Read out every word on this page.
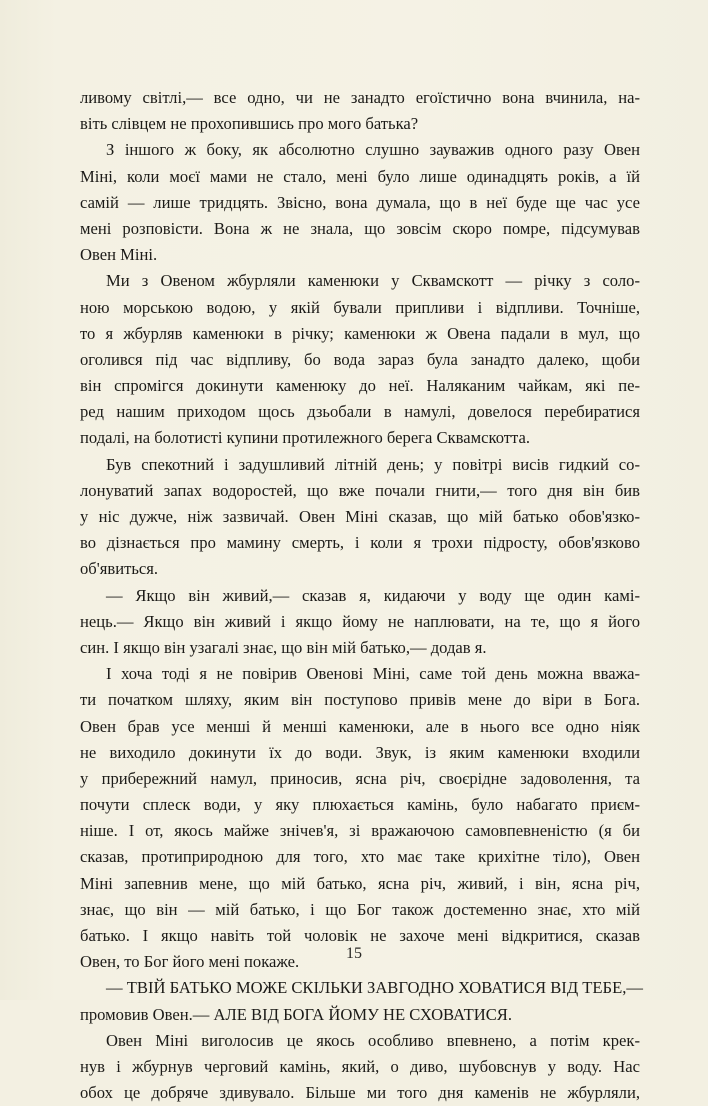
ливому світлі,— все одно, чи не занадто егоїстично вона вчинила, на-
віть слівцем не прохопившись про мого батька?
З іншого ж боку, як абсолютно слушно зауважив одного разу Овен
Міні, коли моєї мами не стало, мені було лише одинадцять років, а їй
самій — лише тридцять. Звісно, вона думала, що в неї буде ще час усе
мені розповісти. Вона ж не знала, що зовсім скоро помре, підсумував
Овен Міні.
Ми з Овеном жбурляли каменюки у Сквамскотт — річку з соло-
ною морською водою, у якій бували припливи і відпливи. Точніше,
то я жбурляв каменюки в річку; каменюки ж Овена падали в мул, що
оголився під час відпливу, бо вода зараз була занадто далеко, щоби
він спромігся докинути каменюку до неї. Наляканим чайкам, які пе-
ред нашим приходом щось дзьобали в намулі, довелося перебиратися
подалі, на болотисті купини протилежного берега Сквамскотта.
Був спекотний і задушливий літній день; у повітрі висів гидкий со-
лонуватий запах водоростей, що вже почали гнити,— того дня він бив
у ніс дужче, ніж зазвичай. Овен Міні сказав, що мій батько обов'язко-
во дізнається про мамину смерть, і коли я трохи підросту, обов'язково
об'явиться.
— Якщо він живий,— сказав я, кидаючи у воду ще один камі-
нець.— Якщо він живий і якщо йому не наплювати, на те, що я його
син. І якщо він узагалі знає, що він мій батько,— додав я.
І хоча тоді я не повірив Овенові Міні, саме той день можна вважа-
ти початком шляху, яким він поступово привів мене до віри в Бога.
Овен брав усе менші й менші каменюки, але в нього все одно ніяк
не виходило докинути їх до води. Звук, із яким каменюки входили
у прибережний намул, приносив, ясна річ, своєрідне задоволення, та
почути сплеск води, у яку плюхається камінь, було набагато приєм-
ніше. І от, якось майже знічев'я, зі вражаючою самовпевненістю (я би
сказав, протиприродною для того, хто має таке крихітне тіло), Овен
Міні запевнив мене, що мій батько, ясна річ, живий, і він, ясна річ,
знає, що він — мій батько, і що Бог також достеменно знає, хто мій
батько. І якщо навіть той чоловік не захоче мені відкритися, сказав
Овен, то Бог його мені покаже.
— ТВІЙ БАТЬКО МОЖЕ СКІЛЬКИ ЗАВГОДНО ХОВАТИСЯ ВІД ТЕБЕ,—
промовив Овен.— АЛЕ ВІД БОГА ЙОМУ НЕ СХОВАТИСЯ.
Овен Міні виголосив це якось особливо впевнено, а потім крек-
нув і жбурнув черговий камінь, який, о диво, шубовснув у воду. Нас
обох це добряче здивувало. Більше ми того дня каменів не жбурляли,
15
